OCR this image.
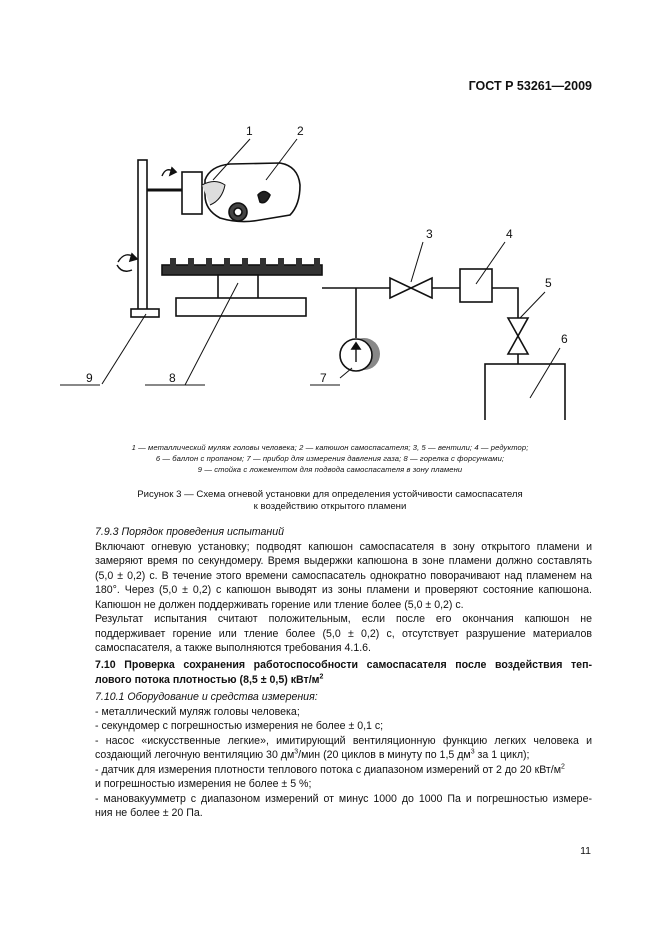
ГОСТ Р 53261—2009
1	2
3	4
5
6
7
8
9
1 — металлический муляж головы человека; 2 — капюшон самоспасателя; 3, 5 — вентили; 4 — редуктор;
6 — баллон с пропаном; 7 — прибор для измерения давления газа; 8 — горелка с форсунками;
9 — стойка с ложементом для подвода самоспасателя в зону пламени
Рисунок 3 — Схема огневой установки для определения устойчивости самоспасателя
к воздействию открытого пламени

7.9.3 Порядок проведения испытаний

Включают огневую установку; подводят капюшон самоспасателя в зону открытого пламени и замеряют время по секундомеру. Время выдержки капюшона в зоне пламени должно составлять (5,0 ± 0,2) с. В течение этого времени самоспасатель однократно поворачивают над пламенем на 180°. Через (5,0 ± 0,2) с капюшон выводят из зоны пламени и проверяют состояние капюшона. Капюшон не должен поддерживать горение или тление более (5,0 ± 0,2) с.

Результат испытания считают положительным, если после его окончания капюшон не поддерживает горение или тление более (5,0 ± 0,2) с, отсутствует разрушение материалов самоспасателя, а также выполняются требования 4.1.6.

7.10 Проверка сохранения работоспособности самоспасателя после воздействия теп-

лового потока плотностью (8,5 ± 0,5) кВт/$м^2$

7.10.1 Оборудование и средства измерения:

- металлический муляж головы человека;

- секундомер с погрешностью измерения не более ± 0,1 с;

- насос «искусственные легкие», имитирующий вентиляционную функцию легких человека и

создающий легочную вентиляцию 30 $дм^3$/мин (20 циклов в минуту по 1,5 $дм^3$ за 1 цикл);

- датчик для измерения плотности теплового потока с диапазоном измерений от 2 до 20 кВт/$м^2$

и погрешностью измерения не более ± 5 %;

- мановакуумметр с диапазоном измерений от минус 1000 до 1000 Па и погрешностью измере-

ния не более ± 20 Па.

11
